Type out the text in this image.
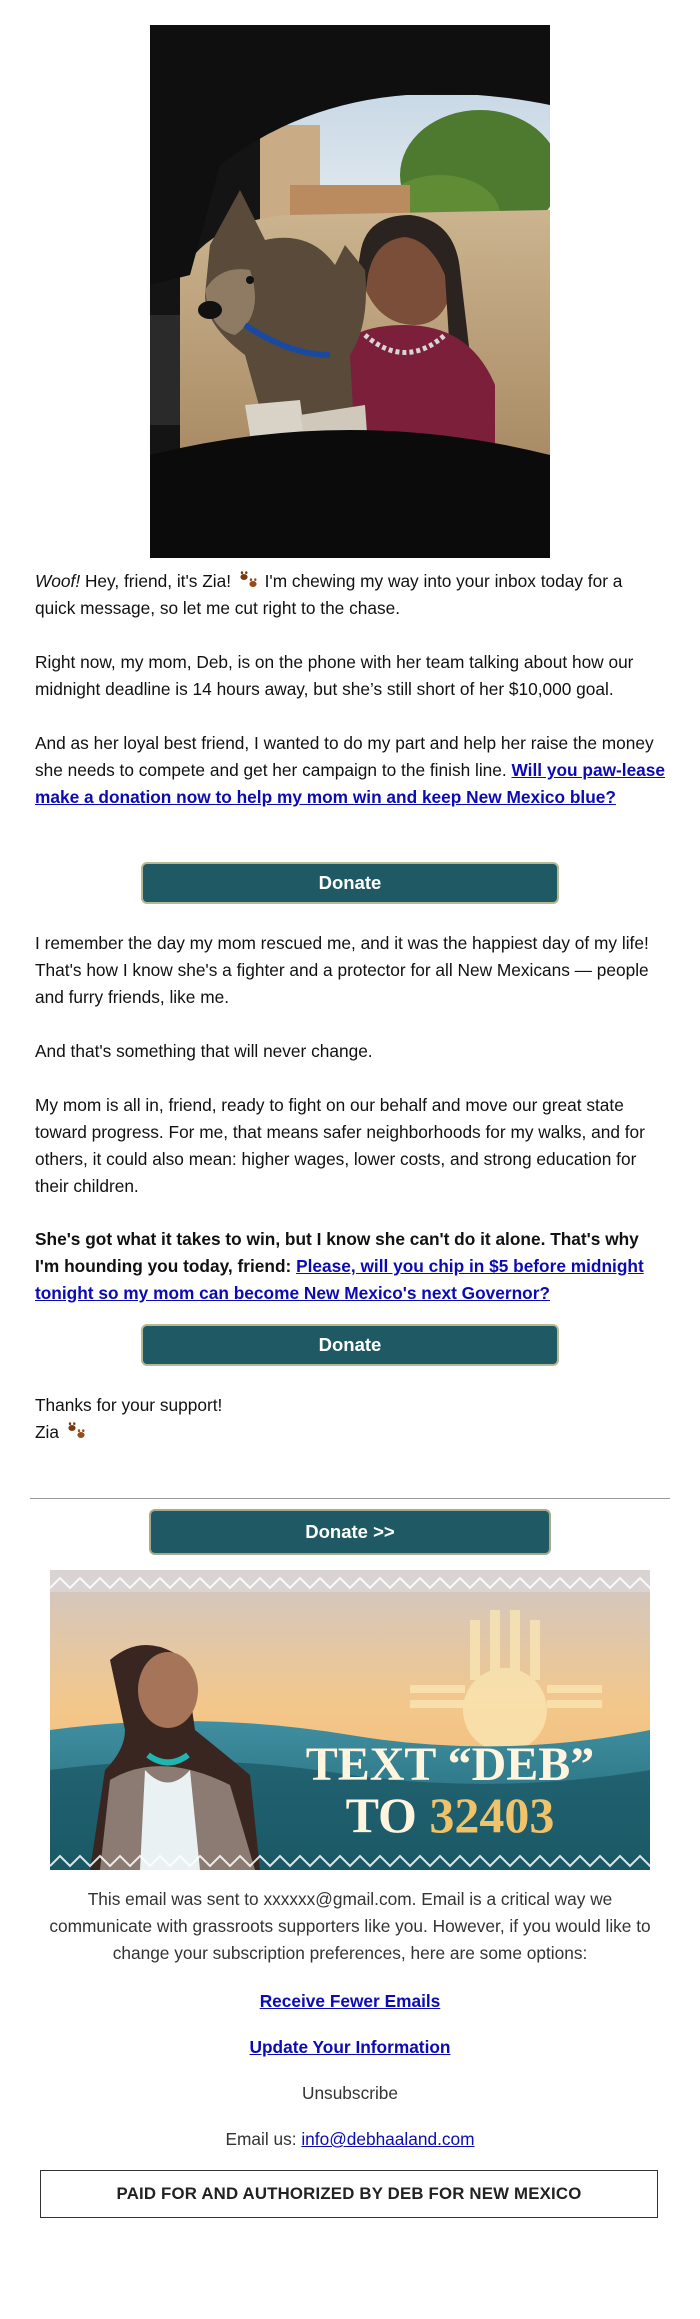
Woof! Hey, friend, it's Zia!  I'm chewing my way into your inbox today for a quick message, so let me cut right to the chase.

Right now, my mom, Deb, is on the phone with her team talking about how our midnight deadline is 14 hours away, but she’s still short of her $10,000 goal.

And as her loyal best friend, I wanted to do my part and help her raise the money she needs to compete and get her campaign to the finish line. Will you paw-lease make a donation now to help my mom win and keep New Mexico blue?

Donate

I remember the day my mom rescued me, and it was the happiest day of my life! That's how I know she's a fighter and a protector for all New Mexicans — people and furry friends, like me.

And that's something that will never change.

My mom is all in, friend, ready to fight on our behalf and move our great state toward progress. For me, that means safer neighborhoods for my walks, and for others, it could also mean: higher wages, lower costs, and strong education for their children.

She's got what it takes to win, but I know she can't do it alone. That's why I'm hounding you today, friend: Please, will you chip in $5 before midnight tonight so my mom can become New Mexico's next Governor?

Donate

Thanks for your support!
Zia

Donate >>
TEXT “DEB”
TO 32403

This email was sent to xxxxxx@gmail.com. Email is a critical way we communicate with grassroots supporters like you. However, if you would like to change your subscription preferences, here are some options:

Receive Fewer Emails

Update Your Information

Unsubscribe

Email us: info@debhaaland.com

PAID FOR AND AUTHORIZED BY DEB FOR NEW MEXICO
